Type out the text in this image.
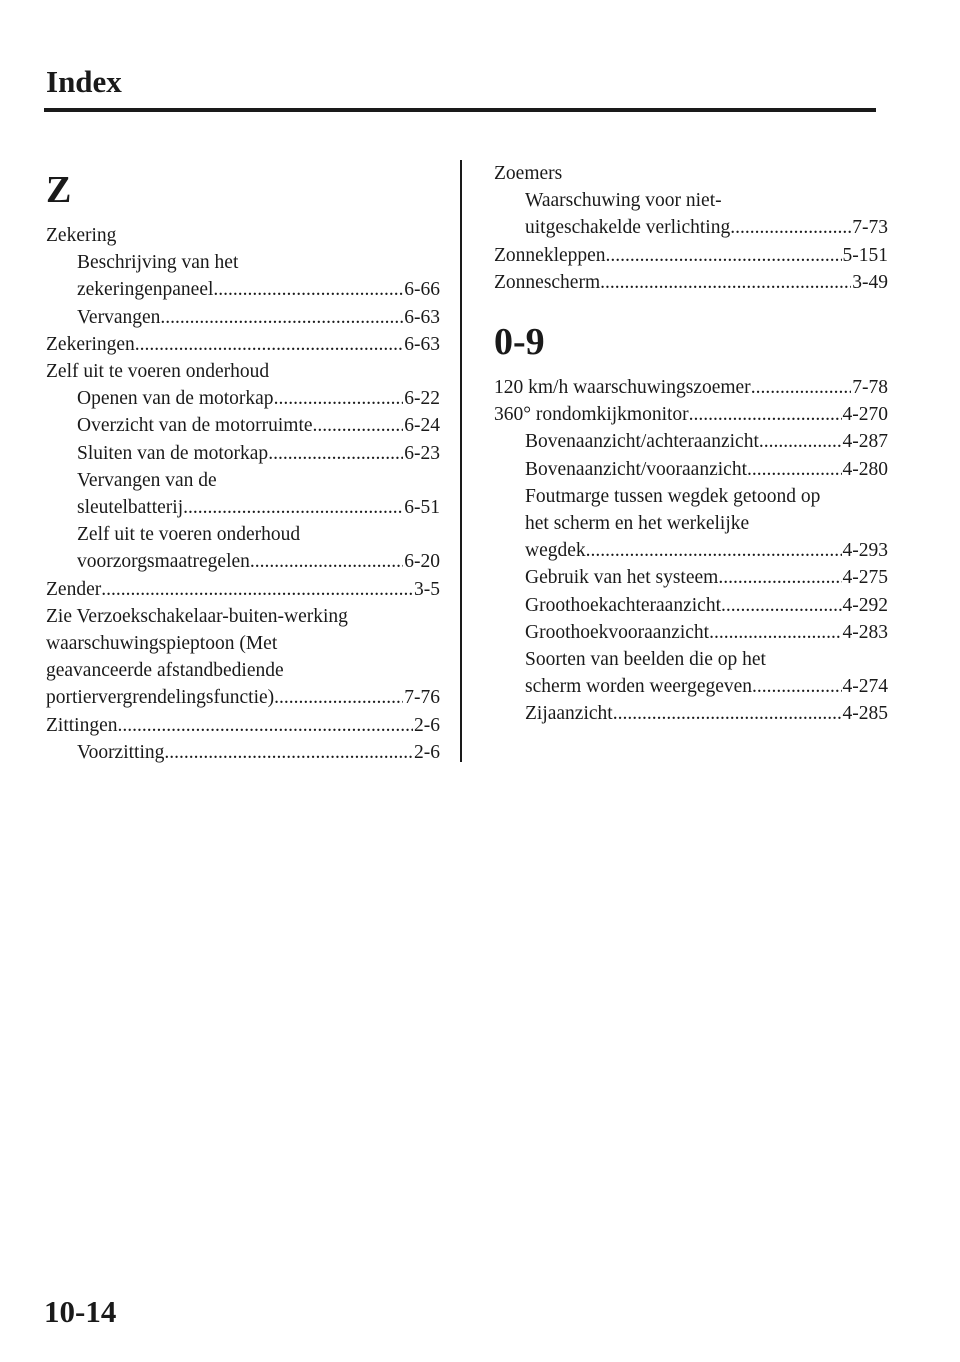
Index
Z
Zekering
Beschrijving van het
zekeringenpaneel .....	6-66
Vervangen .....	6-63
Zekeringen .....	6-63
Zelf uit te voeren onderhoud
Openen van de motorkap .....	6-22
Overzicht van de motorruimte .....	6-24
Sluiten van de motorkap .....	6-23
Vervangen van de
sleutelbatterij .....	6-51
Zelf uit te voeren onderhoud
voorzorgsmaatregelen .....	6-20
Zender .....	3-5
Zie Verzoekschakelaar-buiten-werking
waarschuwingspieptoon (Met
geavanceerde afstandbediende
portiervergrendelingsfunctie) .....	7-76
Zittingen .....	2-6
Voorzitting .....	2-6
Zoemers
Waarschuwing voor niet-
uitgeschakelde verlichting .....	7-73
Zonnekleppen .....	5-151
Zonnescherm .....	3-49
0-9
120 km/h waarschuwingszoemer .....	7-78
360° rondomkijkmonitor .....	4-270
Bovenaanzicht/achteraanzicht .....	4-287
Bovenaanzicht/vooraanzicht .....	4-280
Foutmarge tussen wegdek getoond op
het scherm en het werkelijke
wegdek .....	4-293
Gebruik van het systeem .....	4-275
Groothoekachteraanzicht .....	4-292
Groothoekvooraanzicht .....	4-283
Soorten van beelden die op het
scherm worden weergegeven .....	4-274
Zijaanzicht .....	4-285
10-14
